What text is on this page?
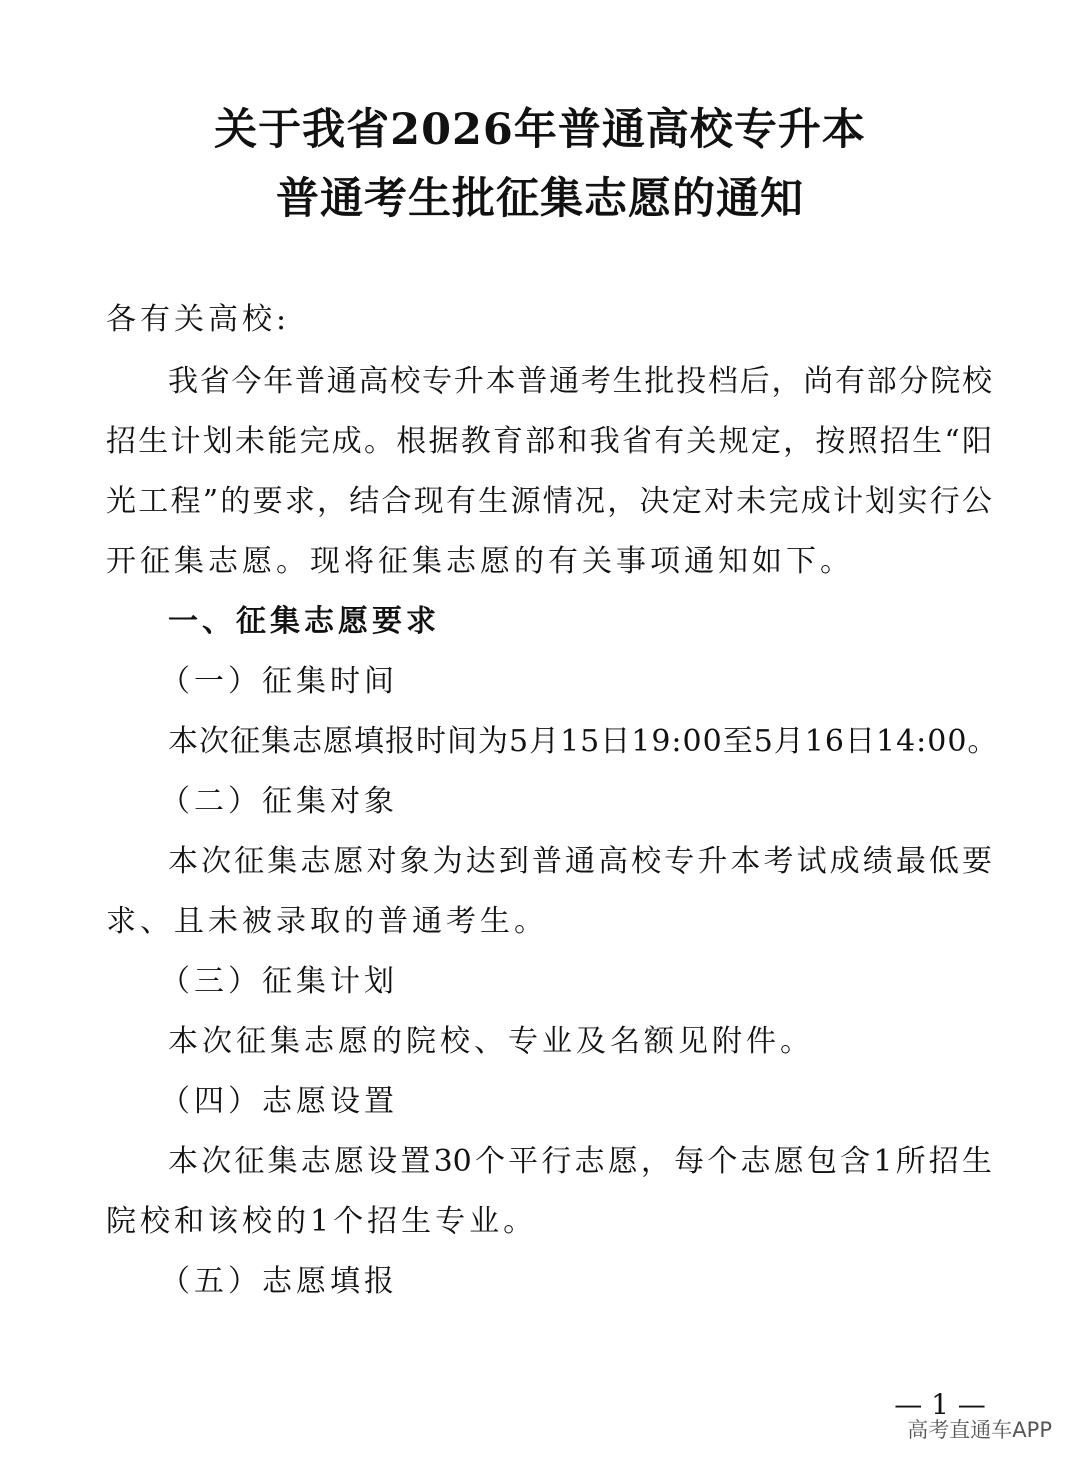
关于我省2026年普通高校专升本
普通考生批征集志愿的通知
各有关高校:
我省今年普通高校专升本普通考生批投档后，尚有部分院校
招生计划未能完成。根据教育部和我省有关规定，按照招生“阳
光工程”的要求，结合现有生源情况，决定对未完成计划实行公
开征集志愿。现将征集志愿的有关事项通知如下。
一、征集志愿要求
（一）征集时间
本次征集志愿填报时间为5月15日19:00至5月16日14:00。
（二）征集对象
本次征集志愿对象为达到普通高校专升本考试成绩最低要
求、且未被录取的普通考生。
（三）征集计划
本次征集志愿的院校、专业及名额见附件。
（四）志愿设置
本次征集志愿设置30个平行志愿，每个志愿包含1所招生
院校和该校的1个招生专业。
（五）志愿填报
— 1 —
高考直通车APP
